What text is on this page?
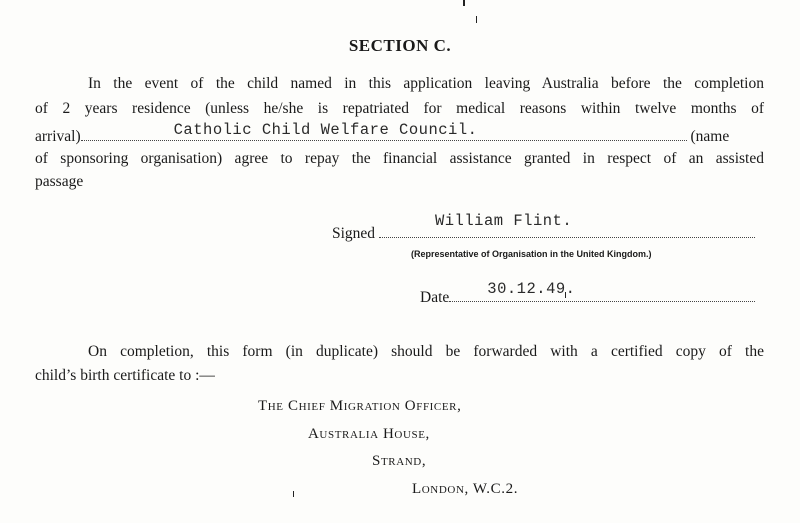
SECTION C.
In the event of the child named in this application leaving Australia before the completion
of 2 years residence (unless he/she is repatriated for medical reasons within twelve months of
arrival)	Catholic Child Welfare Council.	(name
of sponsoring organisation) agree to repay the financial assistance granted in respect of an assisted
passage
Signed
William Flint.
(Representative of Organisation in the United Kingdom.)
Date 30.12.49.
On completion, this form (in duplicate) should be forwarded with a certified copy of the
child’s birth certificate to :—
The Chief Migration Officer,
Australia House,
Strand,
London, W.C.2.
